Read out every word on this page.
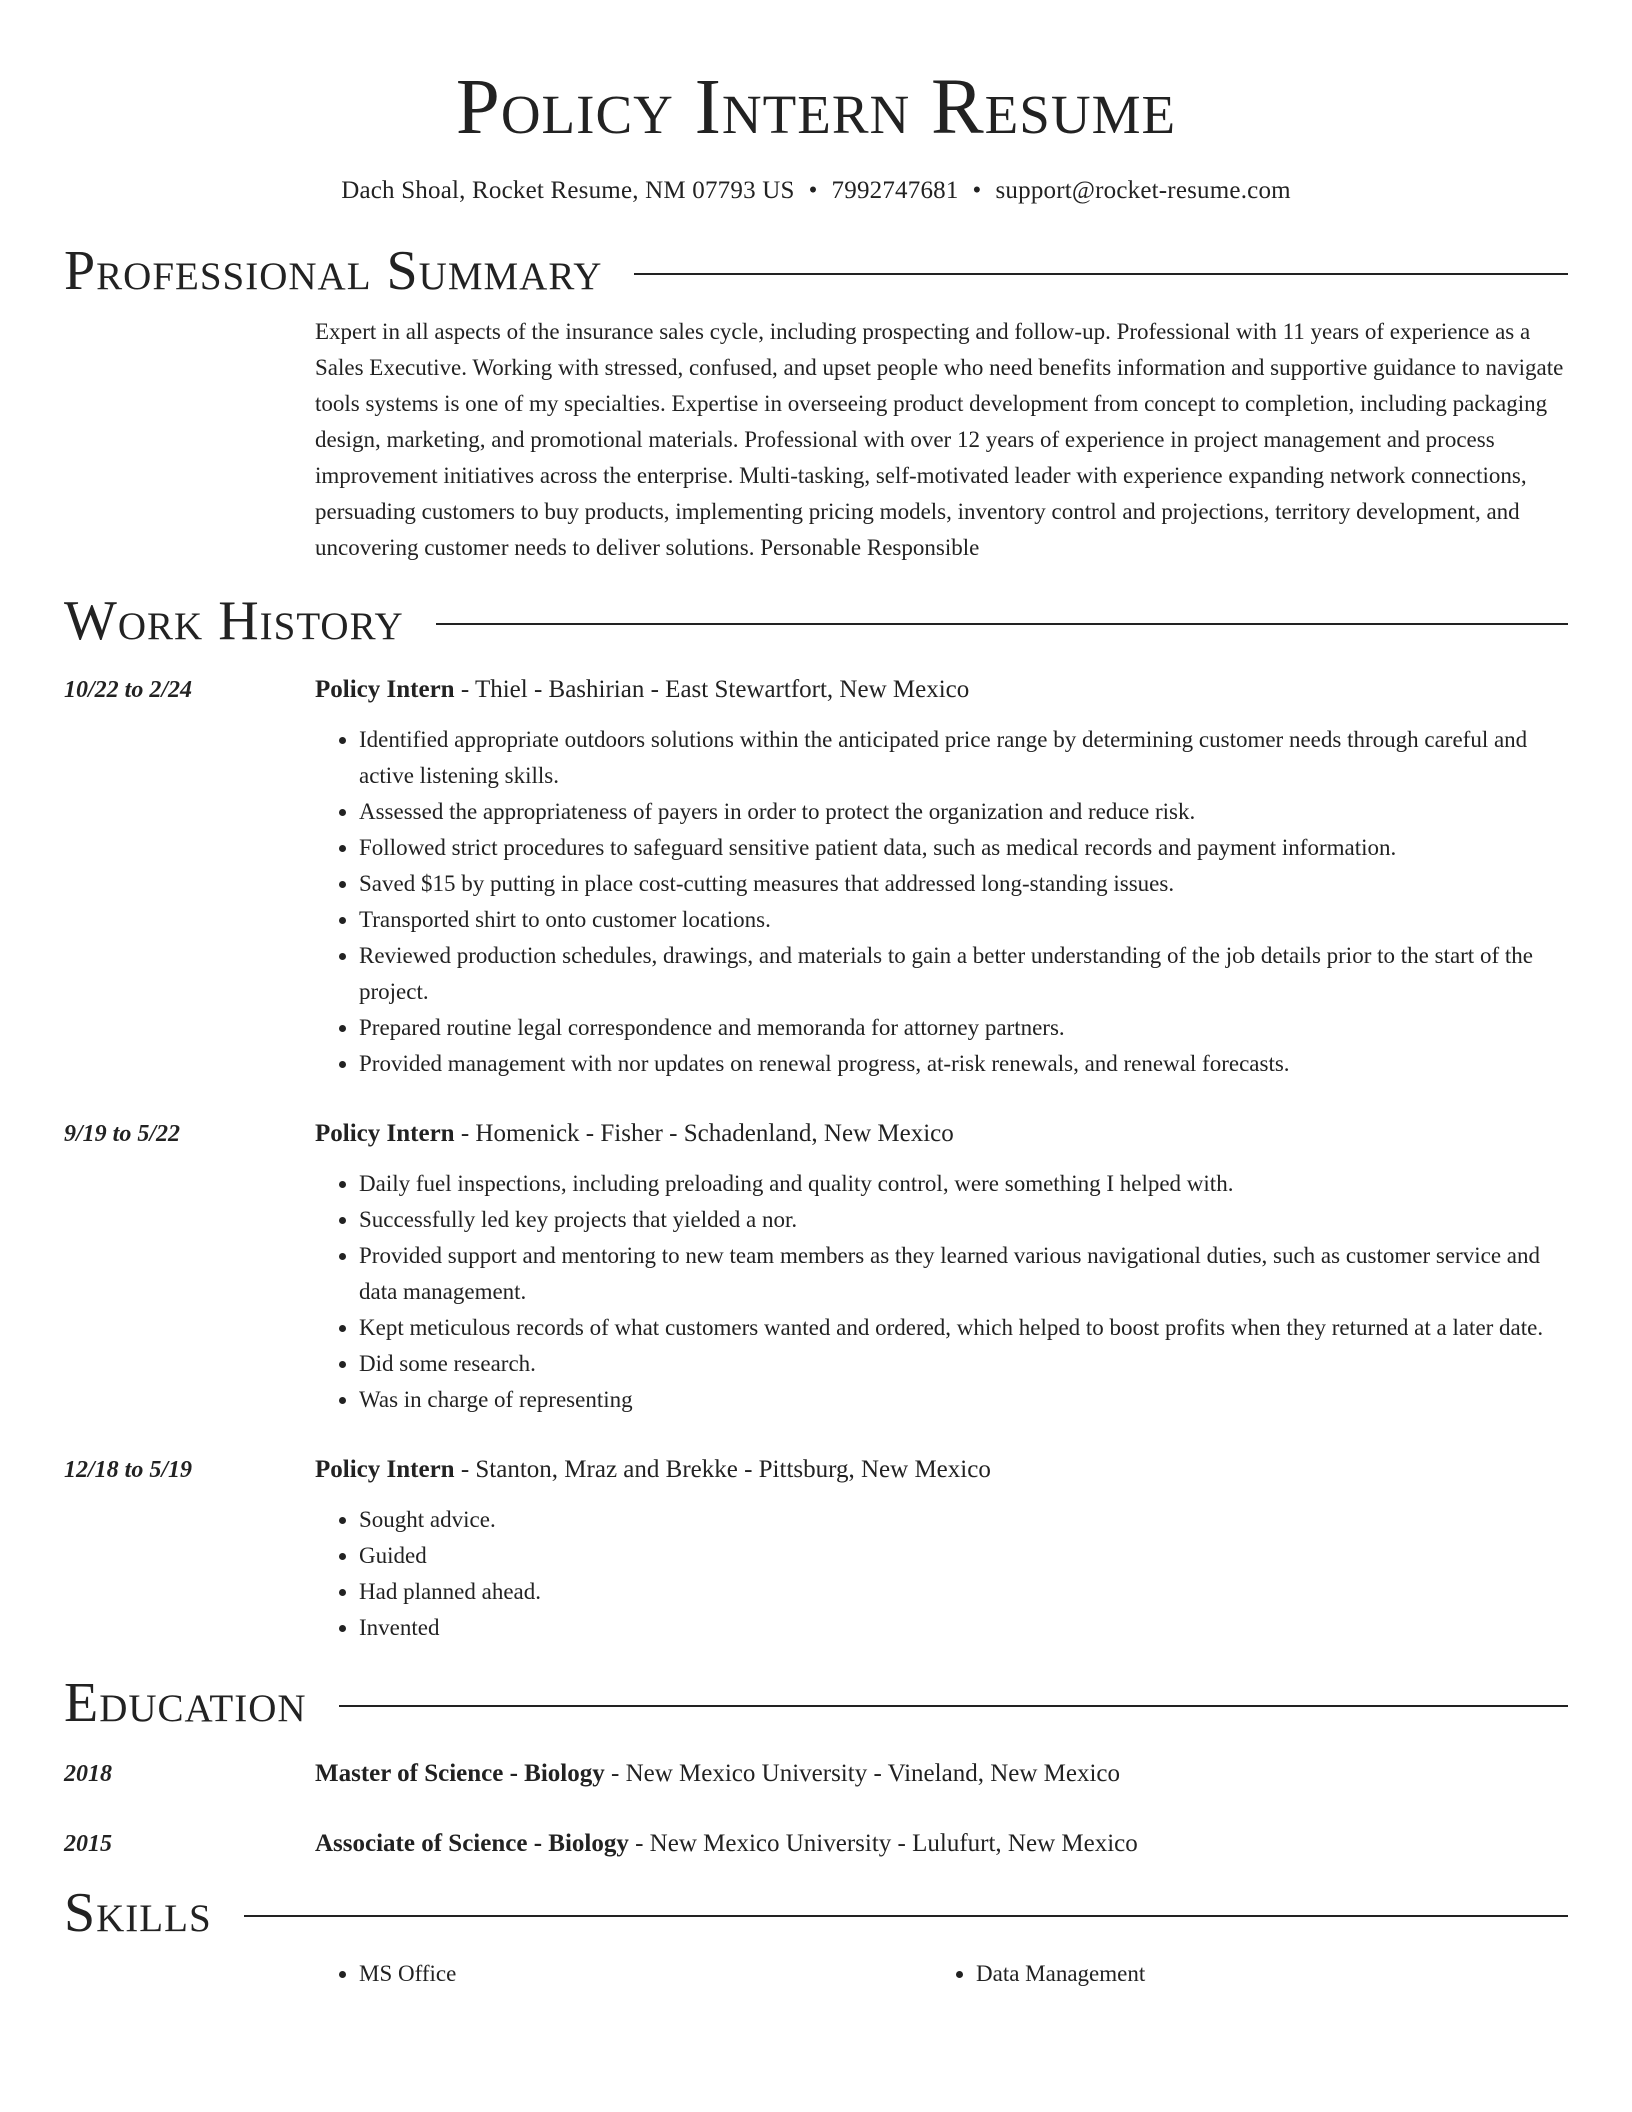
Policy Intern Resume
Dach Shoal, Rocket Resume, NM 07793 US • 7992747681 • support@rocket-resume.com
Professional Summary
Expert in all aspects of the insurance sales cycle, including prospecting and follow-up. Professional with 11 years of experience as a Sales Executive. Working with stressed, confused, and upset people who need benefits information and supportive guidance to navigate tools systems is one of my specialties. Expertise in overseeing product development from concept to completion, including packaging design, marketing, and promotional materials. Professional with over 12 years of experience in project management and process improvement initiatives across the enterprise. Multi-tasking, self-motivated leader with experience expanding network connections, persuading customers to buy products, implementing pricing models, inventory control and projections, territory development, and uncovering customer needs to deliver solutions. Personable Responsible
Work History
10/22 to 2/24	Policy Intern - Thiel - Bashirian - East Stewartfort, New Mexico
• Identified appropriate outdoors solutions within the anticipated price range by determining customer needs through careful and active listening skills.
• Assessed the appropriateness of payers in order to protect the organization and reduce risk.
• Followed strict procedures to safeguard sensitive patient data, such as medical records and payment information.
• Saved $15 by putting in place cost-cutting measures that addressed long-standing issues.
• Transported shirt to onto customer locations.
• Reviewed production schedules, drawings, and materials to gain a better understanding of the job details prior to the start of the project.
• Prepared routine legal correspondence and memoranda for attorney partners.
• Provided management with nor updates on renewal progress, at-risk renewals, and renewal forecasts.
9/19 to 5/22	Policy Intern - Homenick - Fisher - Schadenland, New Mexico
• Daily fuel inspections, including preloading and quality control, were something I helped with.
• Successfully led key projects that yielded a nor.
• Provided support and mentoring to new team members as they learned various navigational duties, such as customer service and data management.
• Kept meticulous records of what customers wanted and ordered, which helped to boost profits when they returned at a later date.
• Did some research.
• Was in charge of representing
12/18 to 5/19	Policy Intern - Stanton, Mraz and Brekke - Pittsburg, New Mexico
• Sought advice.
• Guided
• Had planned ahead.
• Invented
Education
2018	Master of Science - Biology - New Mexico University - Vineland, New Mexico
2015	Associate of Science - Biology - New Mexico University - Lulufurt, New Mexico
Skills
• MS Office
•	Data Management
